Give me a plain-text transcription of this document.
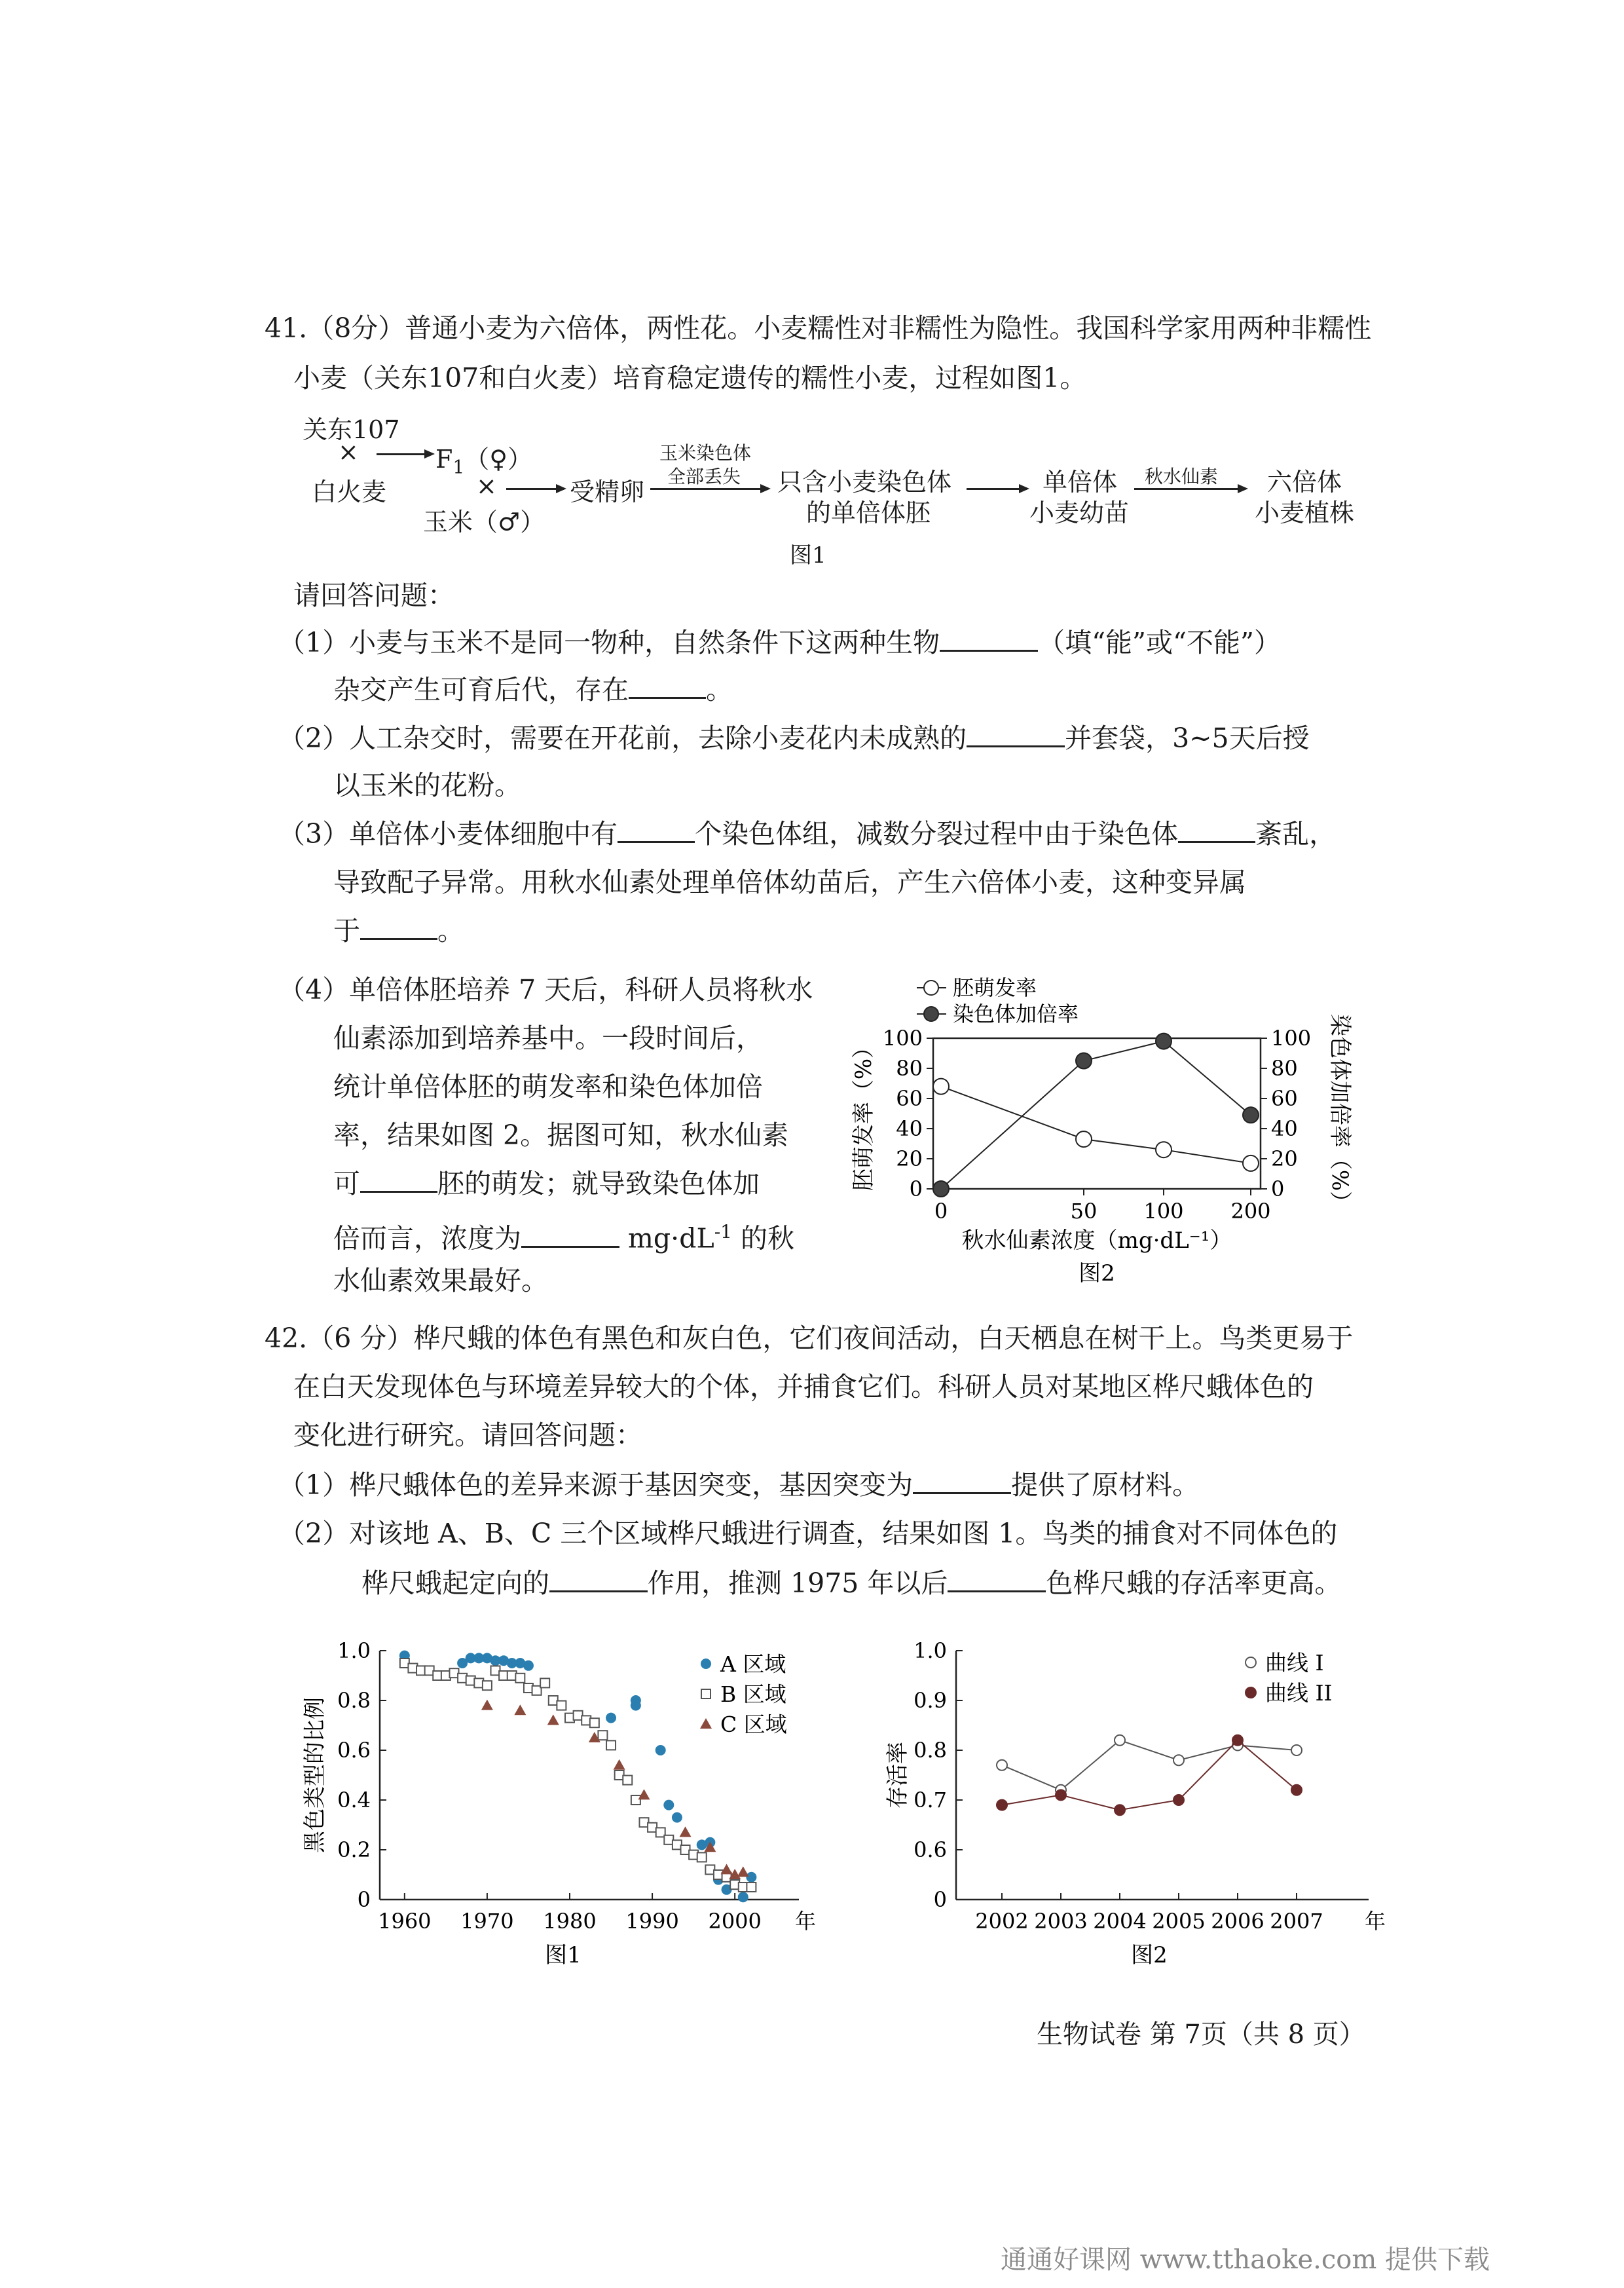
41.（8分）普通小麦为六倍体，两性花。小麦糯性对非糯性为隐性。我国科学家用两种非糯性
小麦（关东107和白火麦）培育稳定遗传的糯性小麦，过程如图1。
关东107
×
白火麦
$F_1(♀)$
×
玉米（♂）
受精卵
玉米染色体
全部丢失 只含小麦染色体
的单倍体胚
单倍体
小麦幼苗
秋水仙素 六倍体
小麦植株
图1
请回答问题：
（1）小麦与玉米不是同一物种，自然条件下这两种生物	（填“能”或“不能”）
杂交产生可育后代，存在	。
（2）人工杂交时，需要在开花前，去除小麦花内未成熟的	并套袋，3~5天后授
以玉米的花粉。
（3）单倍体小麦体细胞中有	个染色体组，减数分裂过程中由于染色体	紊乱，
导致配子异常。用秋水仙素处理单倍体幼苗后，产生六倍体小麦，这种变异属
于	。
（4）单倍体胚培养 7 天后，科研人员将秋水
仙素添加到培养基中。一段时间后，
统计单倍体胚的萌发率和染色体加倍
率，结果如图 2。据图可知，秋水仙素
可	胚的萌发；就导致染色体加
倍而言，浓度为	$mg\cdot dL^{-1}$ 的秋
水仙素效果最好。
0	0
20	20
40	40
60	60
80	80
100	100
0	50 100 200
秋水仙素浓度（mg·dL⁻¹）
胚萌发率（%）	染色体加倍率（%）
胚萌发率
染色体加倍率
图2
42.（6 分）桦尺蛾的体色有黑色和灰白色，它们夜间活动，白天栖息在树干上。鸟类更易于
在白天发现体色与环境差异较大的个体，并捕食它们。科研人员对某地区桦尺蛾体色的
变化进行研究。请回答问题：
（1）桦尺蛾体色的差异来源于基因突变，基因突变为	提供了原材料。
（2）对该地 A、B、C 三个区域桦尺蛾进行调查，结果如图 1。鸟类的捕食对不同体色的
桦尺蛾起定向的	作用，推测 1975 年以后	色桦尺蛾的存活率更高。
0
0.2
0.4
0.6
0.8
1.0
1960 1970 1980 1990 2000 年
黑色类型的比例
A 区域
B 区域
C 区域
图1
0
0.6
0.7
0.8
0.9
1.0
2002 2003 2004 2005 2006 2007 年
存活率
曲线 I
曲线 II
图2
生物试卷 第 7页（共 8 页）
通通好课网 www.tthaoke.com 提供下载
